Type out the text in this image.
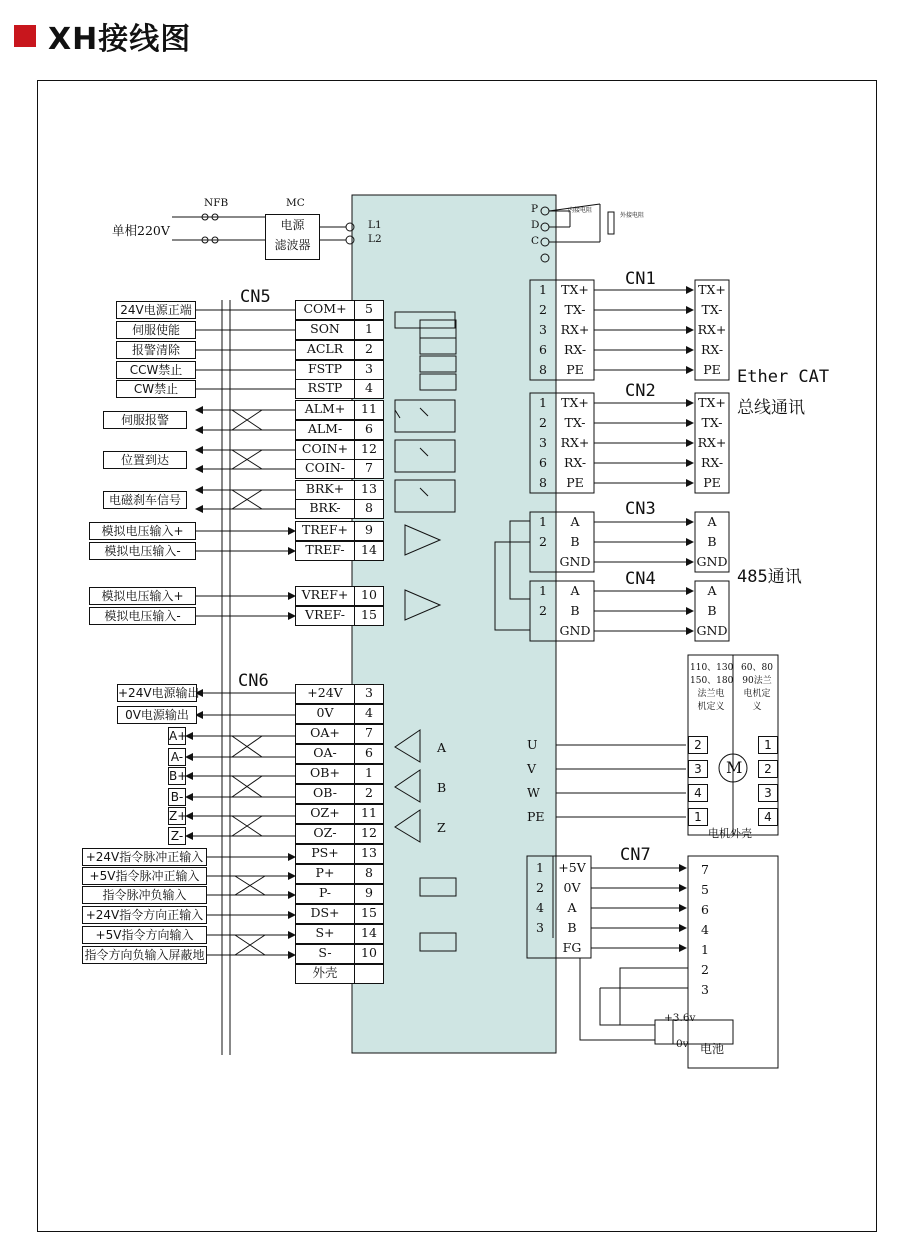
XH接线图
NFB	MC
单相220V	电源
滤波器
L1
L2
P
D
C
内接电阻
外接电阻
CN5
24V电源正端
伺服使能
报警清除
CCW禁止
CW禁止
伺服报警
位置到达
电磁刹车信号
模拟电压输入+
模拟电压输入-
模拟电压输入+
模拟电压输入-
COM+	5
SON	1
ACLR	2
FSTP	3
RSTP	4
ALM+	11
ALM-	6
COIN+	12
COIN-	7
BRK+	13
BRK-	8
TREF+	9
TREF-	14
VREF+	10
VREF-	15
CN6
+24V电源输出
0V电源输出
A+
A-
B+
B-
Z+
Z-
+24V指令脉冲正输入
+5V指令脉冲正输入
指令脉冲负输入
+24V指令方向正输入
+5V指令方向输入
指令方向负输入屏蔽地
+24V	3
0V	4
OA+	7
OA-	6
OB+	1
OB-	2
OZ+	11
OZ-	12
PS+	13
P+	8
P-	9
DS+	15
S+	14
S-	10
外壳
A
B
Z
CN1
CN2
CN3
CN4
Ether CAT
总线通讯
485通讯
1	TX+
2	TX-
3	RX+
6	RX-
8	PE
TX+
TX-
RX+
RX-
PE
1	TX+
2	TX-
3	RX+
6	RX-
8	PE
TX+
TX-
RX+
RX-
PE
1	A
2	B
GND
A
B
GND
1	A
2	B
GND
A
B
GND
110、130
150、180
法兰电
机定义
60、80
90法兰
电机定
义
U	2	1
V	3	2
W	4	3
PE	1	4
M
电机外壳
CN7
1	+5V
2	0V
4	A
3	B
FG
7
5
6
4
1
2
3
+3.6v
0v 电池
